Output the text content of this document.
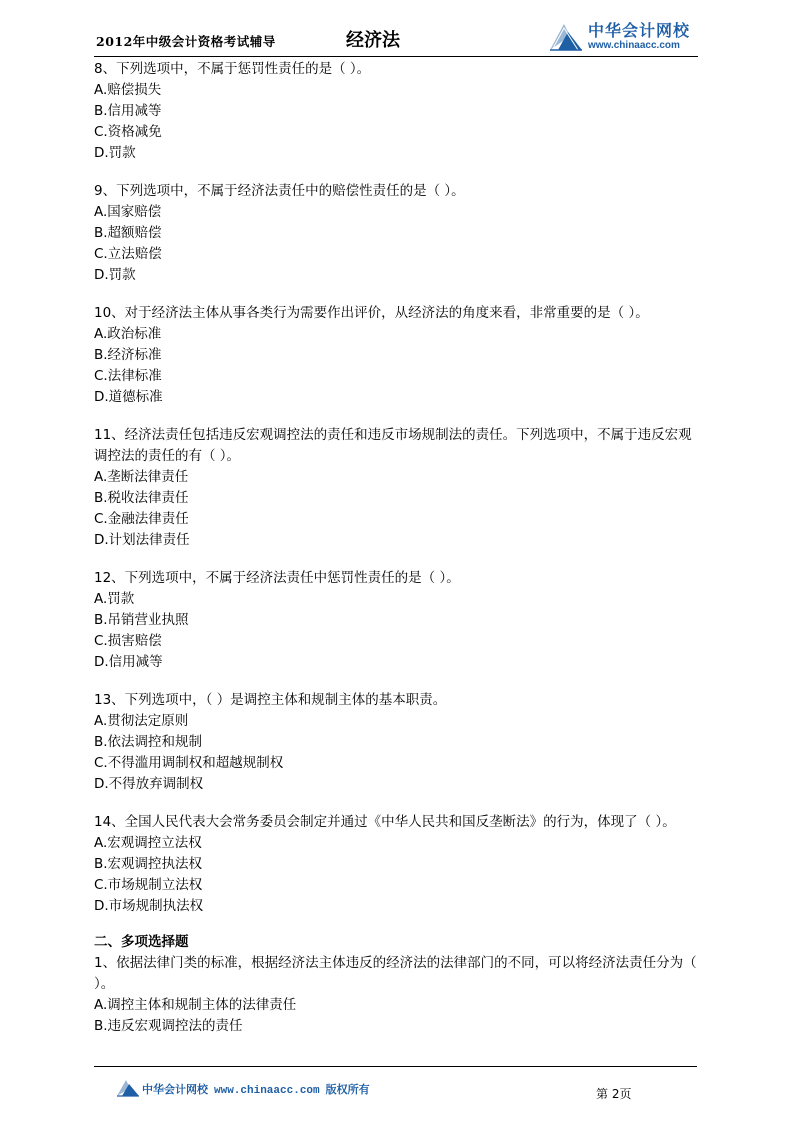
2012年中级会计资格考试辅导	经济法	中华会计网校
www.chinaacc.com
8、下列选项中，不属于惩罚性责任的是（ ）。
A.赔偿损失
B.信用减等
C.资格减免
D.罚款
9、下列选项中，不属于经济法责任中的赔偿性责任的是（ ）。
A.国家赔偿
B.超额赔偿
C.立法赔偿
D.罚款
10、对于经济法主体从事各类行为需要作出评价，从经济法的角度来看，非常重要的是（ ）。
A.政治标准
B.经济标准
C.法律标准
D.道德标准
11、经济法责任包括违反宏观调控法的责任和违反市场规制法的责任。下列选项中，不属于违反宏观调控法的责任的有（ ）。
A.垄断法律责任
B.税收法律责任
C.金融法律责任
D.计划法律责任
12、下列选项中，不属于经济法责任中惩罚性责任的是（ ）。
A.罚款
B.吊销营业执照
C.损害赔偿
D.信用减等
13、下列选项中，（ ）是调控主体和规制主体的基本职责。
A.贯彻法定原则
B.依法调控和规制
C.不得滥用调制权和超越规制权
D.不得放弃调制权
14、全国人民代表大会常务委员会制定并通过《中华人民共和国反垄断法》的行为，体现了（ ）。
A.宏观调控立法权
B.宏观调控执法权
C.市场规制立法权
D.市场规制执法权
二、多项选择题
1、依据法律门类的标准，根据经济法主体违反的经济法的法律部门的不同，可以将经济法责任分为（ ）。
A.调控主体和规制主体的法律责任
B.违反宏观调控法的责任
中华会计网校 www.chinaacc.com 版权所有	第 2页
